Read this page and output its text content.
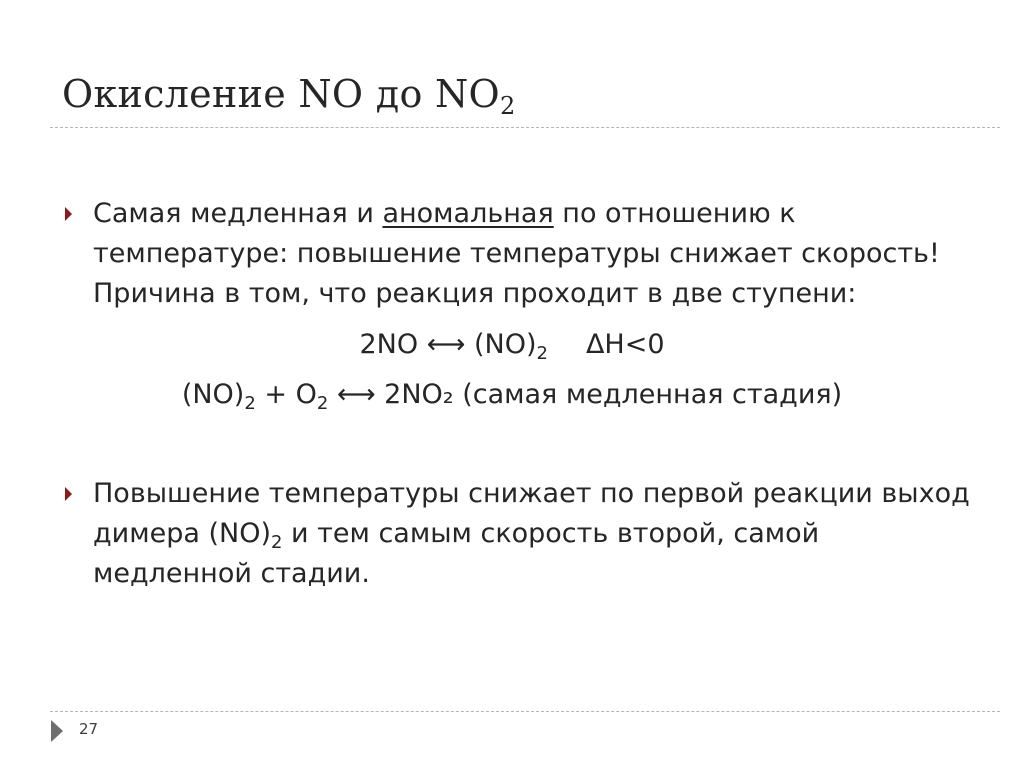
Окисление NO до $NO_2$
Самая медленная и аномальная по отношению к температуре: повышение температуры снижает скорость! Причина в том, что реакция проходит в две ступени:
2NO ⟷ $(NO)_2$ ΔH<0
$(NO)_2 + O_2$ ⟷ 2NO₂ (самая медленная стадия)
Повышение температуры снижает по первой реакции выход димера $(NO)_2$ и тем самым скорость второй, самой медленной стадии.
27
